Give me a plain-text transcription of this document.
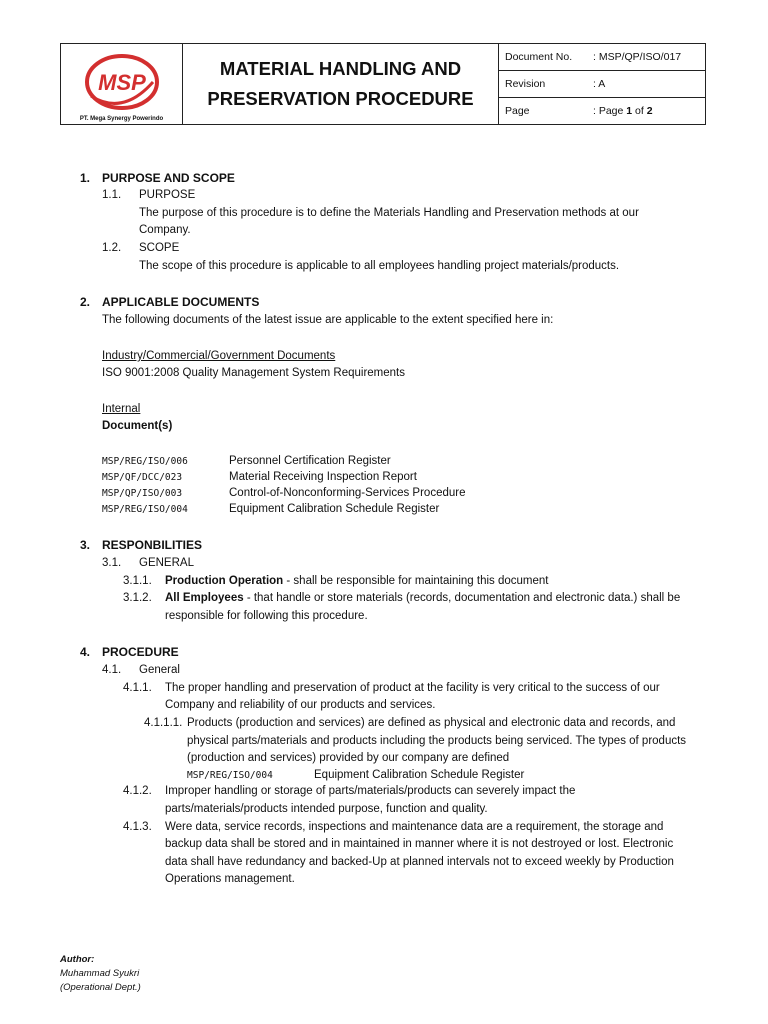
MSP
PT. Mega Synergy Powerindo
MATERIAL HANDLING AND
PRESERVATION PROCEDURE
Document No.	: MSP/QP/ISO/017
Revision	: A
Page	: Page 1 of 2
1. PURPOSE AND SCOPE
1.1. PURPOSE
The purpose of this procedure is to define the Materials Handling and Preservation methods at our
Company.
1.2. SCOPE
The scope of this procedure is applicable to all employees handling project materials/products.
2. APPLICABLE DOCUMENTS
The following documents of the latest issue are applicable to the extent specified here in:
Industry/Commercial/Government Documents
ISO 9001:2008 Quality Management System Requirements
Internal
Document(s)
MSP/REG/ISO/006	Personnel Certification Register
MSP/QF/DCC/023	Material Receiving Inspection Report
MSP/QP/ISO/003	Control-of-Nonconforming-Services Procedure
MSP/REG/ISO/004	Equipment Calibration Schedule Register
3. RESPONBILITIES
3.1. GENERAL
3.1.1. Production Operation - shall be responsible for maintaining this document
3.1.2. All Employees - that handle or store materials (records, documentation and electronic data.) shall be
responsible for following this procedure.
4. PROCEDURE
4.1. General
4.1.1. The proper handling and preservation of product at the facility is very critical to the success of our
Company and reliability of our products and services.
4.1.1.1. Products (production and services) are defined as physical and electronic data and records, and
physical parts/materials and products including the products being serviced. The types of products
(production and services) provided by our company are defined
MSP/REG/ISO/004	Equipment Calibration Schedule Register
4.1.2. Improper handling or storage of parts/materials/products can severely impact the
parts/materials/products intended purpose, function and quality.
4.1.3. Were data, service records, inspections and maintenance data are a requirement, the storage and
backup data shall be stored and in maintained in manner where it is not destroyed or lost. Electronic
data shall have redundancy and backed-Up at planned intervals not to exceed weekly by Production
Operations management.
Author:
Muhammad Syukri
(Operational Dept.)
